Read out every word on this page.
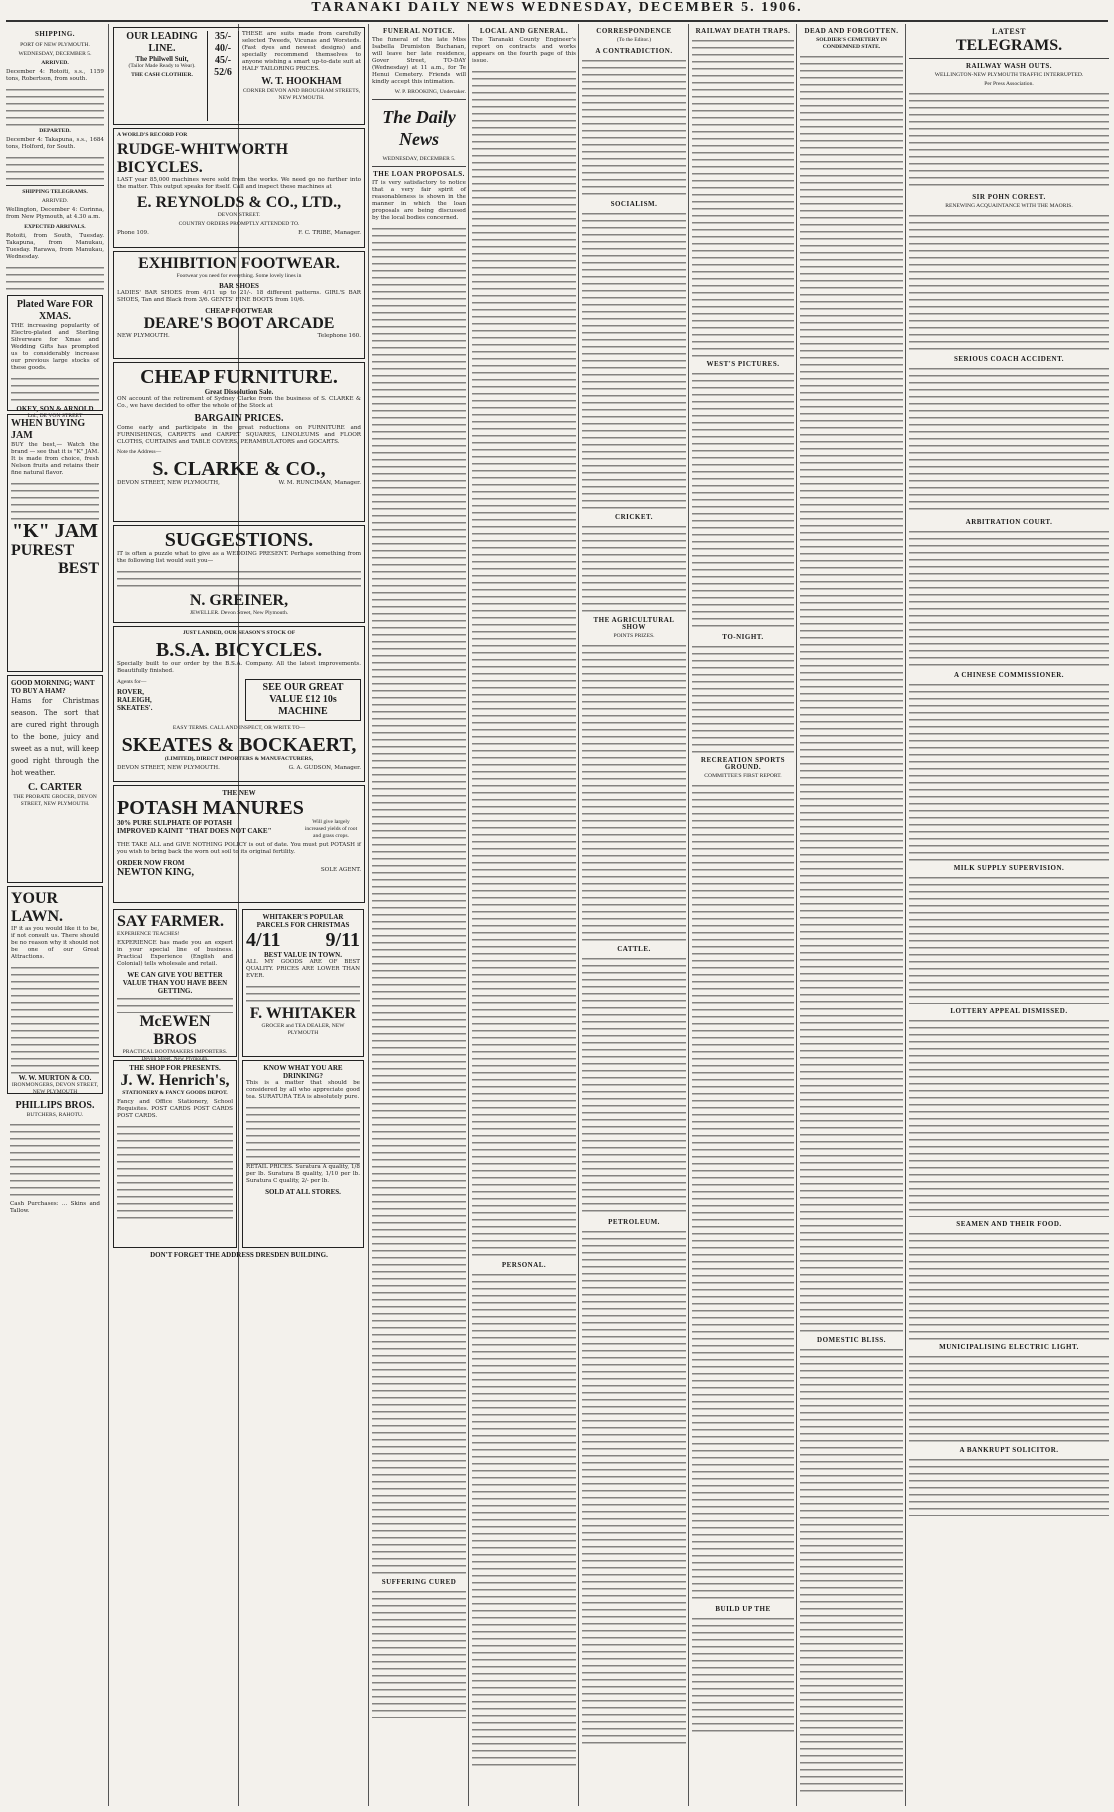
TARANAKI DAILY NEWS WEDNESDAY, DECEMBER 5. 1906.
SHIPPING.
PORT OF NEW PLYMOUTH.
WEDNESDAY, DECEMBER 5.
ARRIVED.

December 4: Rotoiti, s.s., 1159 tons, Robertson, from south.

DEPARTED.

December 4: Takapuna, s.s., 1684 tons, Holford, for South.

SHIPPING TELEGRAMS.
ARRIVED.

Wellington, December 4: Corinna, from New Plymouth, at 4.30 a.m.

EXPECTED ARRIVALS.

Rotoiti, from South, Tuesday. Takapuna, from Manukau, Tuesday. Rarawa, from Manukau, Wednesday.

Plated Ware FOR XMAS.

THE increasing popularity of Electro-plated and Sterling Silverware for Xmas and Wedding Gifts has prompted us to considerably increase our previous large stocks of these goods.

OKEY, SON & ARNOLD
Ltd., DE VON STREET
WHEN BUYING JAM

BUY the best,— Watch the brand — see that it is "K" JAM. It is made from choice, fresh Nelson fruits and retains their fine natural flavor.

"K" JAM
PUREST
BEST
GOOD MORNING; WANT TO BUY A HAM?

Hams for Christmas season. The sort that are cured right through to the bone, juicy and sweet as a nut, will keep good right through the hot weather.

C. CARTER
THE PROBATE GROCER, DEVON STREET, NEW PLYMOUTH.
YOUR LAWN.

IF it as you would like it to be, if not consult us. There should be no reason why it should not be one of our Great Attractions.

W. W. MURTON & CO.
IRONMONGERS, DEVON STREET, NEW PLYMOUTH
PHILLIPS BROS.
BUTCHERS, RAHOTU.

Cash Purchases: ... Skins and Tallow.

OUR LEADING LINE.
The Philwell Suit,
(Tailor Made Ready to Wear).
THE CASH CLOTHIER.
35/-
40/-
45/-
52/6

THESE are suits made from carefully selected Tweeds, Vicunas and Worsteds. (Fast dyes and newest designs) and specially recommend themselves to anyone wishing a smart up-to-date suit at HALF TAILORING PRICES.

W. T. HOOKHAM
CORNER DEVON AND BROUGHAM STREETS, NEW PLYMOUTH.
A WORLD'S RECORD FOR
RUDGE-WHITWORTH BICYCLES.

LAST year 85,000 machines were sold from the works. We need go no further into the matter. This output speaks for itself. Call and inspect these machines at

E. REYNOLDS & CO., LTD.,
DEVON STREET.
COUNTRY ORDERS PROMPTLY ATTENDED TO.
Phone 109.	F. C. TRIBE, Manager.
EXHIBITION FOOTWEAR.
Footwear you need for everything. Some lovely lines in
BAR SHOES

LADIES' BAR SHOES from 4/11 up to 21/-. 18 different patterns. GIRL'S BAR SHOES, Tan and Black from 3/6. GENTS' FINE BOOTS from 10/6.

CHEAP FOOTWEAR
DEARE'S BOOT ARCADE
NEW PLYMOUTH.	Telephone 160.
CHEAP FURNITURE.
Great Dissolution Sale.

ON account of the retirement of Sydney Clarke from the business of S. CLARKE & Co., we have decided to offer the whole of the Stock at

BARGAIN PRICES.

Come early and participate in the great reductions on FURNITURE and FURNISHINGS, CARPETS and CARPET SQUARES, LINOLEUMS and FLOOR CLOTHS, CURTAINS and TABLE COVERS, PERAMBULATORS and GOCARTS.

Note the Address—
S. CLARKE & CO.,
DEVON STREET, NEW PLYMOUTH,	W. M. RUNCIMAN, Manager.
SUGGESTIONS.

IT is often a puzzle what to give as a WEDDING PRESENT. Perhaps something from the following list would suit you—

N. GREINER,
JEWELLER. Devon Street, New Plymouth.
JUST LANDED, OUR SEASON'S STOCK OF
B.S.A. BICYCLES.

Specially built to our order by the B.S.A. Company. All the latest improvements. Beautifully finished.

Agents for—
ROVER,
RALEIGH,
SKEATES'.
SEE OUR GREAT VALUE £12 10s MACHINE
EASY TERMS. CALL AND INSPECT, OR WRITE TO—
SKEATES & BOCKAERT,
(LIMITED), DIRECT IMPORTERS & MANUFACTURERS,
DEVON STREET, NEW PLYMOUTH.	G. A. GUDSON, Manager.
THE NEW
POTASH MANURES
30% PURE SULPHATE OF POTASH
IMPROVED KAINIT "THAT DOES NOT CAKE"
Will give largely increased yields of root and grass crops.

THE TAKE ALL and GIVE NOTHING POLICY is out of date. You must put POTASH if you wish to bring back the worn out soil to its original fertility.

ORDER NOW FROM
NEWTON KING,	SOLE AGENT.
SAY FARMER.
EXPERIENCE TEACHES!

EXPERIENCE has made you an expert in your special line of business. Practical Experience (English and Colonial) tells wholesale and retail.

WE CAN GIVE YOU BETTER VALUE THAN YOU HAVE BEEN GETTING.
McEWEN BROS
PRACTICAL BOOTMAKERS IMPORTERS. Devon Street, New Plymouth.
THE SHOP FOR PRESENTS.
J. W. Henrich's,
STATIONERY & FANCY GOODS DEPOT.

Fancy and Office Stationery, School Requisites. POST CARDS POST CARDS POST CARDS.

WHITAKER'S POPULAR PARCELS FOR CHRISTMAS
4/11 9/11
BEST VALUE IN TOWN.

ALL MY GOODS ARE OF BEST QUALITY. PRICES ARE LOWER THAN EVER.

F. WHITAKER
GROCER and TEA DEALER, NEW PLYMOUTH
KNOW WHAT YOU ARE DRINKING?

This is a matter that should be considered by all who appreciate good tea. SURATURA TEA is absolutely pure.

RETAIL PRICES. Suratura A quality, 1/8 per lb. Suratura B quality, 1/10 per lb. Suratura C quality, 2/- per lb.

SOLD AT ALL STORES.
DON'T FORGET THE ADDRESS DRESDEN BUILDING.
FUNERAL NOTICE.

The funeral of the late Miss Isabella Drumiston Buchanan, will leave her late residence, Gover Street, TO-DAY (Wednesday) at 11 a.m., for Te Henui Cemetery. Friends will kindly accept this intimation.

W. P. BROOKING, Undertaker.
The Daily News
WEDNESDAY, DECEMBER 5.
THE LOAN PROPOSALS.

IT is very satisfactory to notice that a very fair spirit of reasonableness is shown in the manner in which the loan proposals are being discussed by the local bodies concerned.

SUFFERING CURED
LOCAL AND GENERAL.

The Taranaki County Engineer's report on contracts and works appears on the fourth page of this issue.

PERSONAL.
CORRESPONDENCE
(To the Editor.)
A CONTRADICTION.
SOCIALISM.
CRICKET.
THE AGRICULTURAL SHOW
POINTS PRIZES.
CATTLE.
PETROLEUM.
RAILWAY DEATH TRAPS.
WEST'S PICTURES.
TO-NIGHT.
RECREATION SPORTS GROUND.
COMMITTEE'S FIRST REPORT.
BUILD UP THE
DEAD AND FORGOTTEN.
SOLDIER'S CEMETERY IN CONDEMNED STATE.
DOMESTIC BLISS.
LATEST
TELEGRAMS.
RAILWAY WASH OUTS.
WELLINGTON-NEW PLYMOUTH TRAFFIC INTERRUPTED.
Per Press Association.
SIR POHN COREST.
RENEWING ACQUAINTANCE WITH THE MAORIS.
SERIOUS COACH ACCIDENT.
ARBITRATION COURT.
A CHINESE COMMISSIONER.
MILK SUPPLY SUPERVISION.
LOTTERY APPEAL DISMISSED.
SEAMEN AND THEIR FOOD.
MUNICIPALISING ELECTRIC LIGHT.
A BANKRUPT SOLICITOR.
